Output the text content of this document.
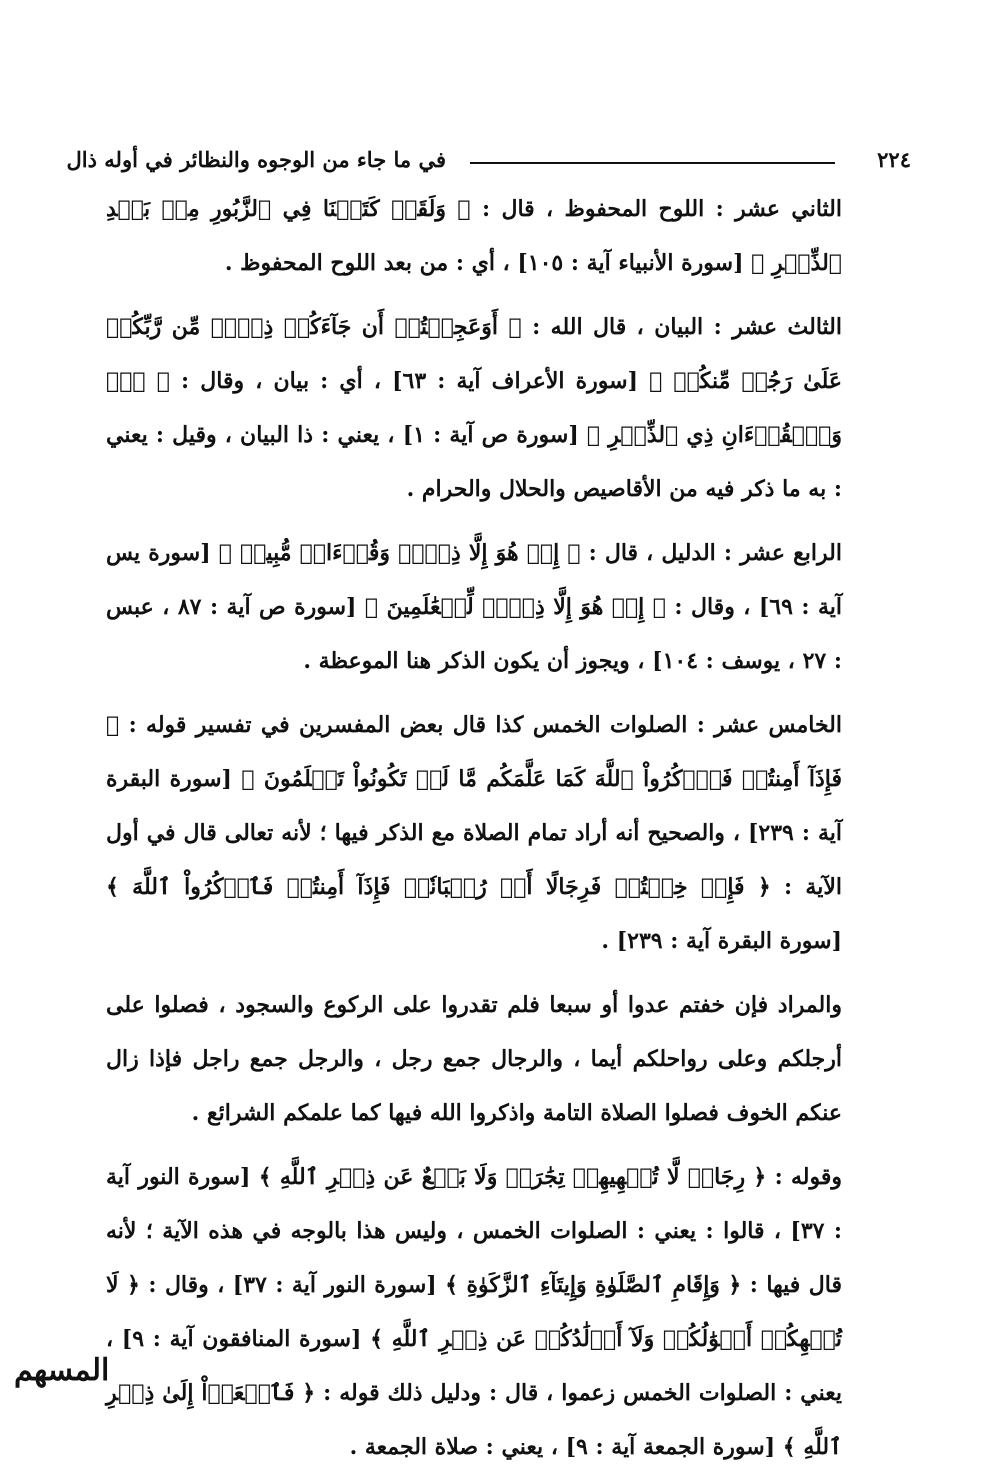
٢٢٤
في ما جاء من الوجوه والنظائر في أوله ذال

الثاني عشر : اللوح المحفوظ ، قال : ﴿ وَلَقَدۡ كَتَبۡنَا فِي ٱلزَّبُورِ مِنۢ بَعۡدِ ٱلذِّكۡرِ ﴾ [سورة الأنبياء آية : ١٠٥] ، أي : من بعد اللوح المحفوظ .

الثالث عشر : البيان ، قال الله : ﴿ أَوَعَجِبۡتُمۡ أَن جَآءَكُمۡ ذِكۡرٞ مِّن رَّبِّكُمۡ عَلَىٰ رَجُلٖ مِّنكُمۡ ﴾ [سورة الأعراف آية : ٦٣] ، أي : بيان ، وقال : ﴿ صٓۚ وَٱلۡقُرۡءَانِ ذِي ٱلذِّكۡرِ ﴾ [سورة ص آية : ١] ، يعني : ذا البيان ، وقيل : يعني : به ما ذكر فيه من الأقاصيص والحلال والحرام .

الرابع عشر : الدليل ، قال : ﴿ إِنۡ هُوَ إِلَّا ذِكۡرٞ وَقُرۡءَانٞ مُّبِينٞ ﴾ [سورة يس آية : ٦٩] ، وقال : ﴿ إِنۡ هُوَ إِلَّا ذِكۡرٞ لِّلۡعَٰلَمِينَ ﴾ [سورة ص آية : ٨٧ ، عبس : ٢٧ ، يوسف : ١٠٤] ، ويجوز أن يكون الذكر هنا الموعظة .

الخامس عشر : الصلوات الخمس كذا قال بعض المفسرين في تفسير قوله : ﴿ فَإِذَآ أَمِنتُمۡ فَٱذۡكُرُواْ ٱللَّهَ كَمَا عَلَّمَكُم مَّا لَمۡ تَكُونُواْ تَعۡلَمُونَ ﴾ [سورة البقرة آية : ٢٣٩] ، والصحيح أنه أراد تمام الصلاة مع الذكر فيها ؛ لأنه تعالى قال في أول الآية : ﴿ فَإِنۡ خِفۡتُمۡ فَرِجَالًا أَوۡ رُكۡبَانٗاۖ فَإِذَآ أَمِنتُمۡ فَٱذۡكُرُواْ ٱللَّهَ ﴾ [سورة البقرة آية : ٢٣٩] .

والمراد فإن خفتم عدوا أو سبعا فلم تقدروا على الركوع والسجود ، فصلوا على أرجلكم وعلى رواحلكم أيما ، والرجال جمع رجل ، والرجل جمع راجل فإذا زال عنكم الخوف فصلوا الصلاة التامة واذكروا الله فيها كما علمكم الشرائع .

وقوله : ﴿ رِجَالٞ لَّا تُلۡهِيهِمۡ تِجَٰرَةٞ وَلَا بَيۡعٌ عَن ذِكۡرِ ٱللَّهِ ﴾ [سورة النور آية : ٣٧] ، قالوا : يعني : الصلوات الخمس ، وليس هذا بالوجه في هذه الآية ؛ لأنه قال فيها : ﴿ وَإِقَامِ ٱلصَّلَوٰةِ وَإِيتَآءِ ٱلزَّكَوٰةِ ﴾ [سورة النور آية : ٣٧] ، وقال : ﴿ لَا تُلۡهِكُمۡ أَمۡوَٰلُكُمۡ وَلَآ أَوۡلَٰدُكُمۡ عَن ذِكۡرِ ٱللَّهِ ﴾ [سورة المنافقون آية : ٩] ، يعني : الصلوات الخمس زعموا ، قال : ودليل ذلك قوله : ﴿ فَٱسۡعَوۡاْ إِلَىٰ ذِكۡرِ ٱللَّهِ ﴾ [سورة الجمعة آية : ٩] ، يعني : صلاة الجمعة .

المسهم
